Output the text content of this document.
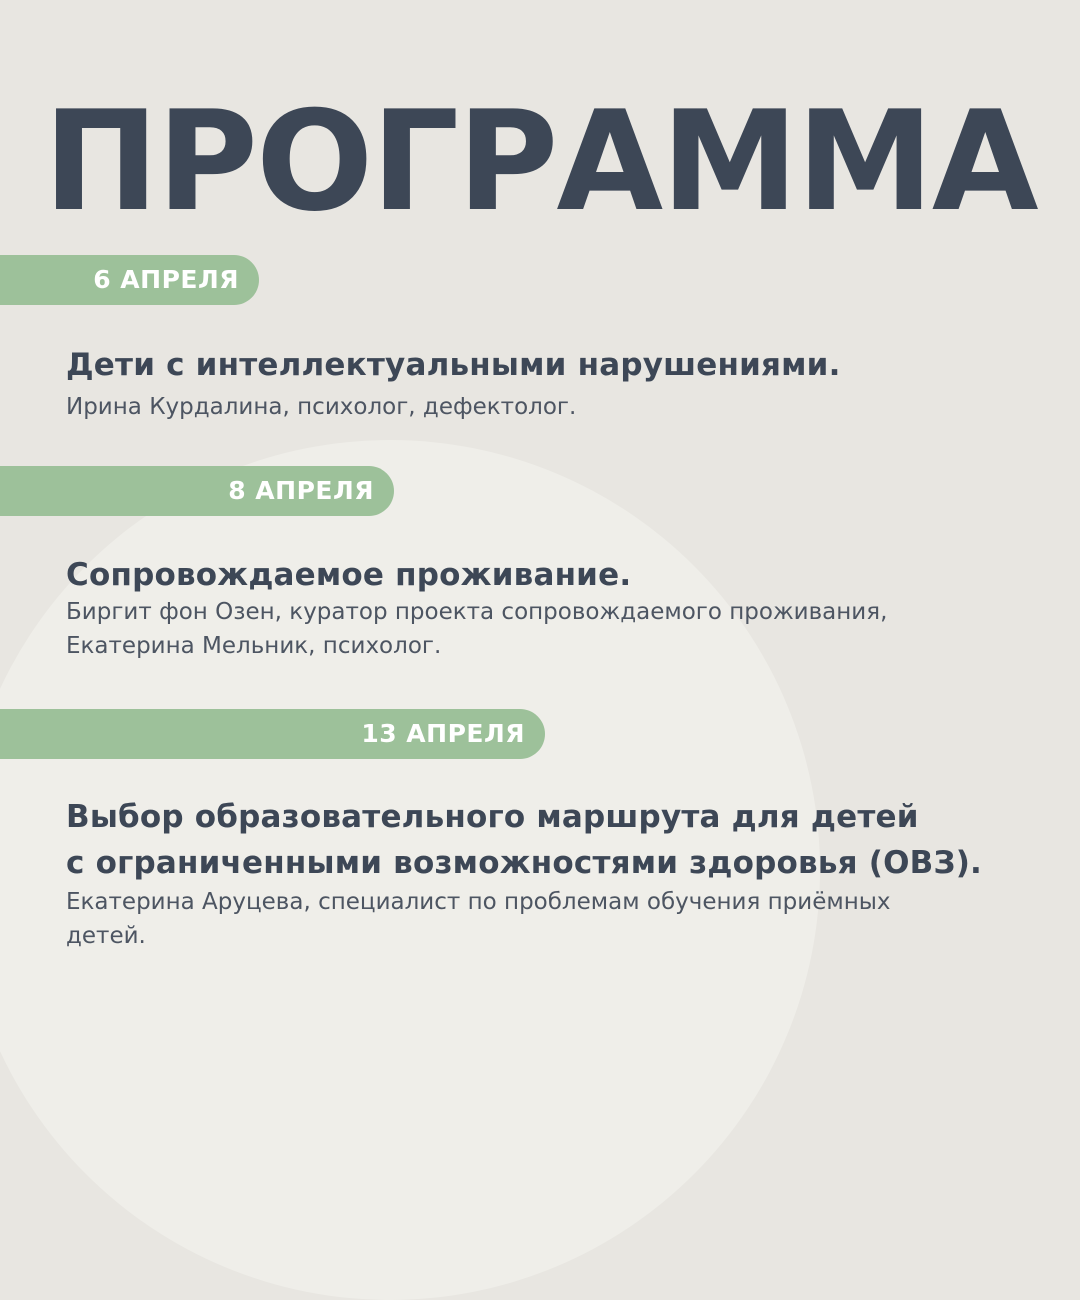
ПРОГРАММА
6 АПРЕЛЯ
Дети с интеллектуальными нарушениями.
Ирина Курдалина, психолог, дефектолог.
8 АПРЕЛЯ
Сопровождаемое проживание.
Биргит фон Озен, куратор проекта сопровождаемого проживания,
Екатерина Мельник, психолог.
13 АПРЕЛЯ
Выбор образовательного маршрута для детей
с ограниченными возможностями здоровья (ОВЗ).
Екатерина Аруцева, специалист по проблемам обучения приёмных
детей.
